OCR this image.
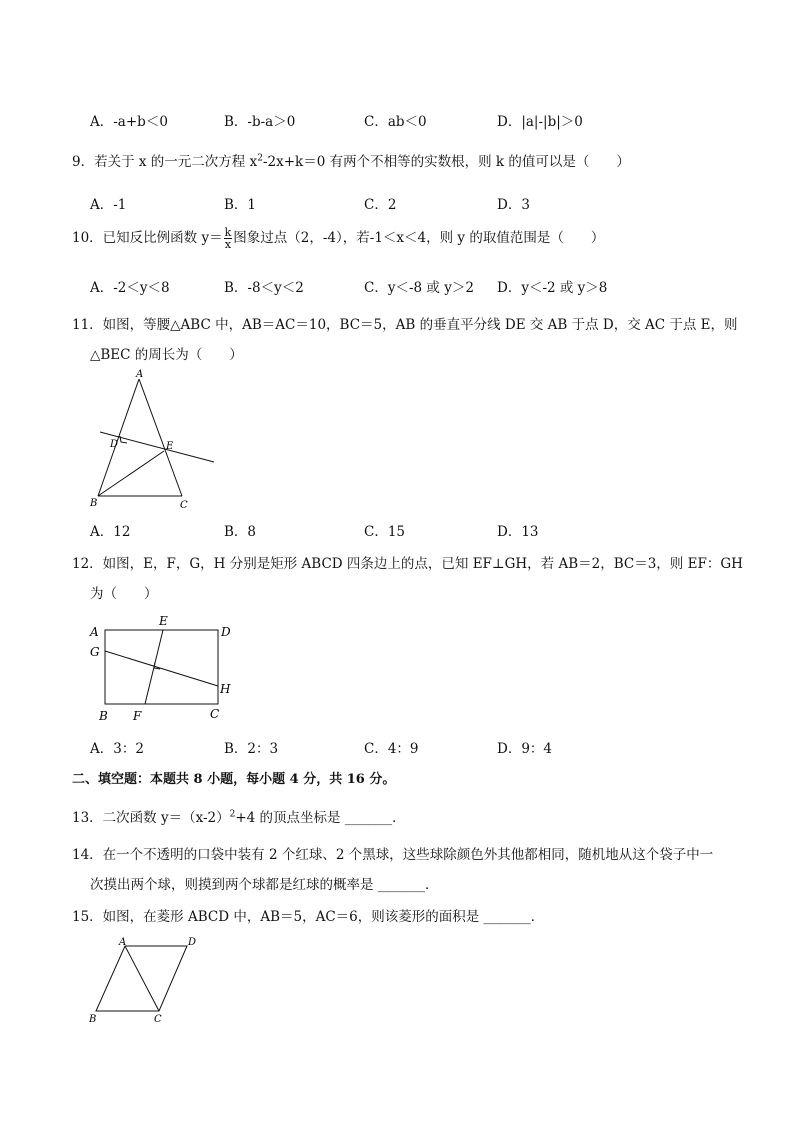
A．-a+b＜0	B．-b-a＞0	C．ab＜0	D．|a|-|b|＞0
9．若关于 x 的一元二次方程 $x^2-2x+k=0$ 有两个不相等的实数根，则 k 的值可以是（　　）
A．-1	B．1	C．2	D．3
10．已知反比例函数 $y= \frac{k}{x}$ 图象过点（2，-4），若-1＜x＜4，则 y 的取值范围是（　　）
A．-2＜y＜8	B．-8＜y＜2	C．y＜-8 或 y＞2 D．y＜-2 或 y＞8
11．如图，等腰△ABC 中，AB＝AC＝10，BC＝5，AB 的垂直平分线 DE 交 AB 于点 D，交 AC 于点 E，则
△BEC 的周长为（　　）
A
D	E
B	C
A．12	B．8	C．15	D．13
12．如图，E，F，G，H 分别是矩形 ABCD 四条边上的点，已知 EF⊥GH，若 AB＝2，BC＝3，则 EF：GH
为（　　）
A
E
D
G
H
B F	C
A．3：2	B．2：3	C．4：9	D．9：4
二、填空题：本题共 8 小题，每小题 4 分，共 16 分。
13．二次函数 $y=(x-2)^2+4$ 的顶点坐标是 _______．
14．在一个不透明的口袋中装有 2 个红球、2 个黑球，这些球除颜色外其他都相同，随机地从这个袋子中一
次摸出两个球，则摸到两个球都是红球的概率是 _______．
15．如图，在菱形 ABCD 中，AB＝5，AC＝6，则该菱形的面积是 _______．
A	D
B	C
